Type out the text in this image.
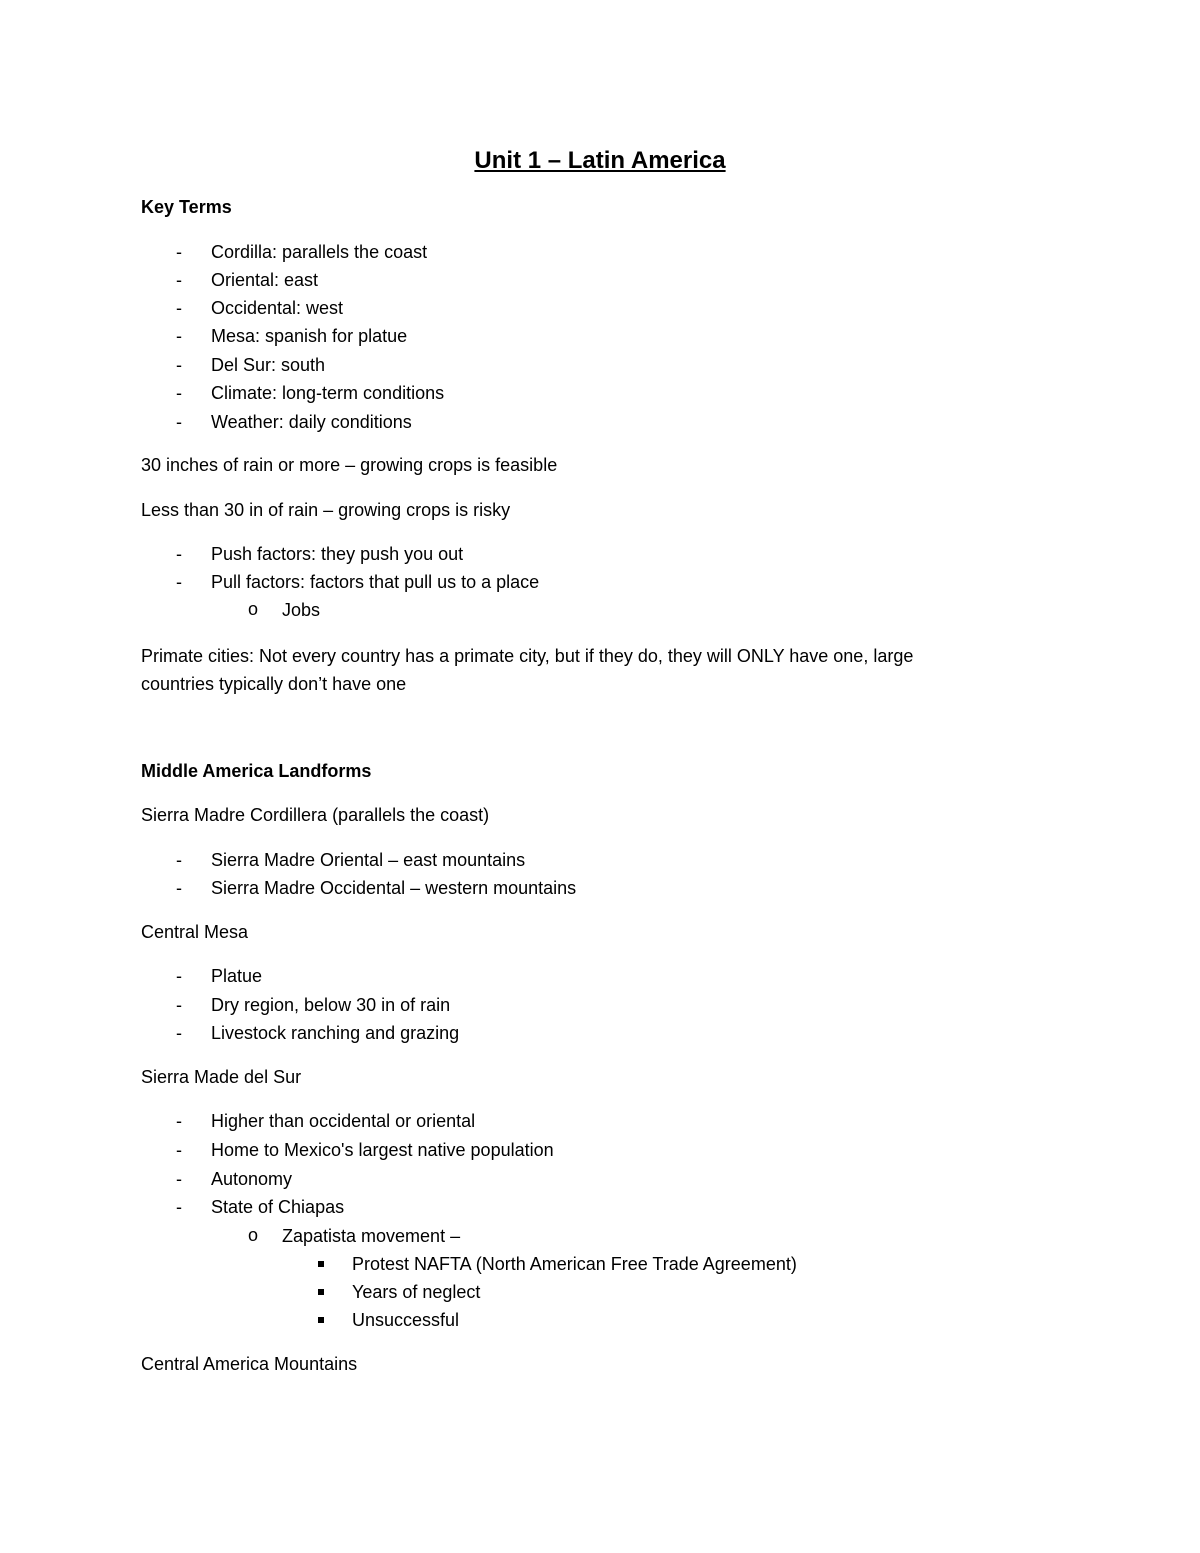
Unit 1 – Latin America
Key Terms
- Cordilla: parallels the coast
- Oriental: east
- Occidental: west
- Mesa: spanish for platue
- Del Sur: south
- Climate: long-term conditions
- Weather: daily conditions
30 inches of rain or more – growing crops is feasible
Less than 30 in of rain – growing crops is risky
- Push factors: they push you out
- Pull factors: factors that pull us to a place
o Jobs
Primate cities: Not every country has a primate city, but if they do, they will ONLY have one, large
countries typically don’t have one
Middle America Landforms
Sierra Madre Cordillera (parallels the coast)
- Sierra Madre Oriental – east mountains
- Sierra Madre Occidental – western mountains
Central Mesa
- Platue
- Dry region, below 30 in of rain
- Livestock ranching and grazing
Sierra Made del Sur
- Higher than occidental or oriental
- Home to Mexico's largest native population
- Autonomy
- State of Chiapas
o Zapatista movement –
Protest NAFTA (North American Free Trade Agreement)
Years of neglect
Unsuccessful
Central America Mountains
